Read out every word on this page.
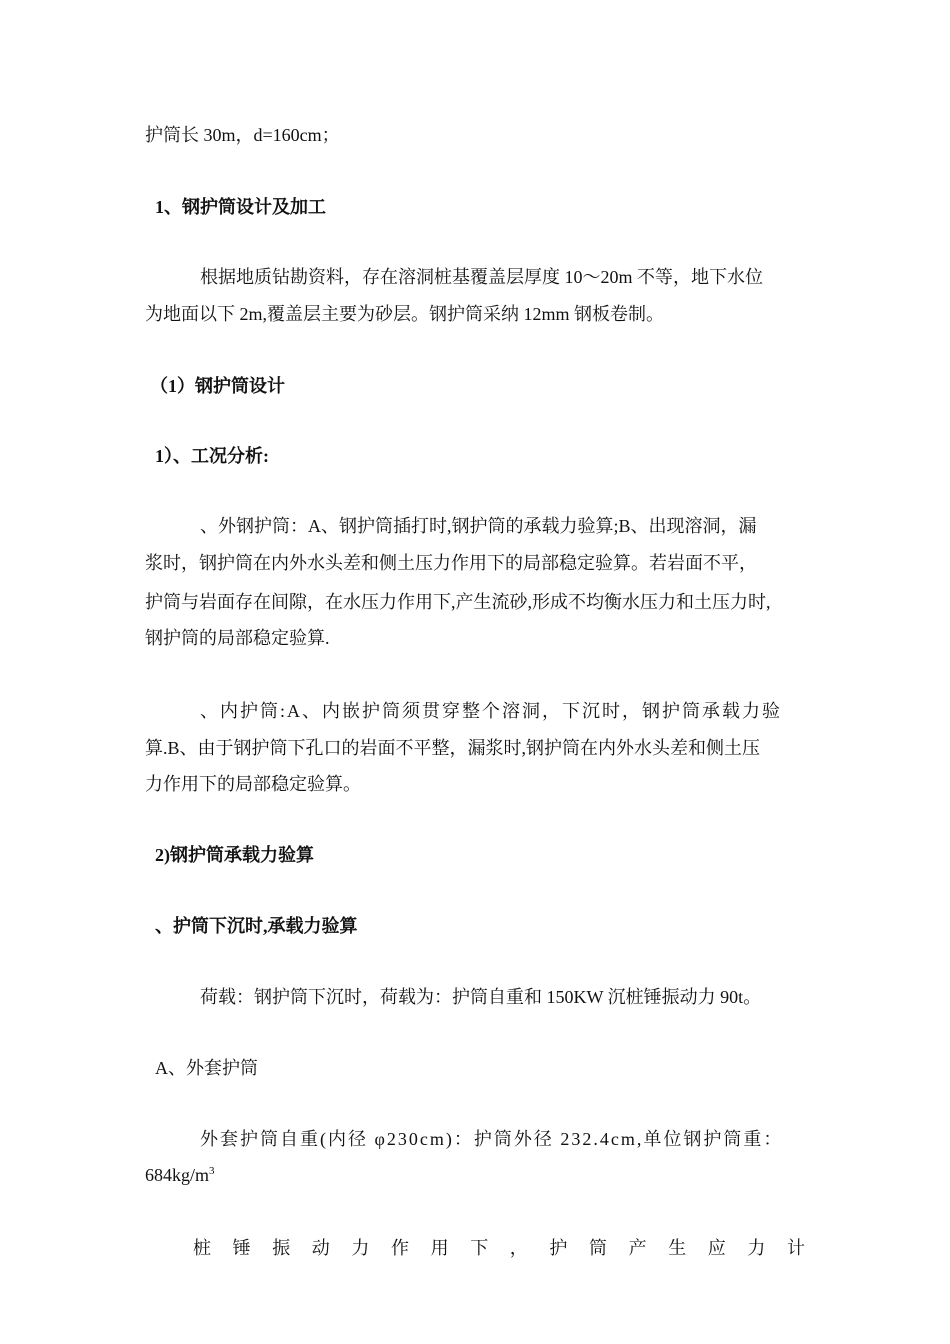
护筒长 30m，d=160cm；
1、钢护筒设计及加工
根据地质钻勘资料，存在溶洞桩基覆盖层厚度 10～20m 不等，地下水位
为地面以下 2m,覆盖层主要为砂层。钢护筒采纳 12mm 钢板卷制。
（1）钢护筒设计
1）、工况分析:
、外钢护筒：A、钢护筒插打时,钢护筒的承载力验算;B、出现溶洞，漏
浆时，钢护筒在内外水头差和侧土压力作用下的局部稳定验算。若岩面不平，
护筒与岩面存在间隙，在水压力作用下,产生流砂,形成不均衡水压力和土压力时,
钢护筒的局部稳定验算.
、内护筒:A、内嵌护筒须贯穿整个溶洞，下沉时，钢护筒承载力验
算.B、由于钢护筒下孔口的岩面不平整，漏浆时,钢护筒在内外水头差和侧土压
力作用下的局部稳定验算。
2)钢护筒承载力验算
、护筒下沉时,承载力验算
荷载：钢护筒下沉时，荷载为：护筒自重和 150KW 沉桩锤振动力 90t。
A、外套护筒
外套护筒自重(内径 φ230cm)：护筒外径 232.4cm,单位钢护筒重：
$684kg/m^3$
桩锤振动力作用下，护筒产生应力计
